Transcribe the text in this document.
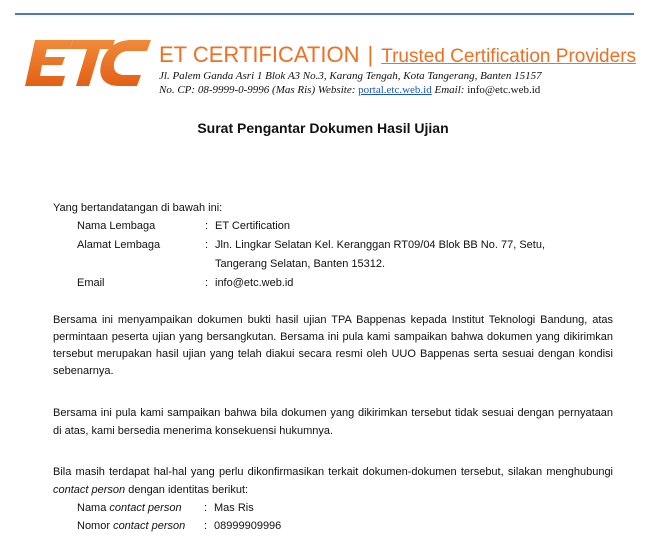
ET CERTIFICATION | Trusted Certification Providers
Jl. Palem Ganda Asri 1 Blok A3 No.3, Karang Tengah, Kota Tangerang, Banten 15157
No. CP: 08-9999-0-9996 (Mas Ris) Website: portal.etc.web.id Email: info@etc.web.id
Surat Pengantar Dokumen Hasil Ujian
Yang bertandatangan di bawah ini:
Nama Lembaga	: ET Certification
Alamat Lembaga	: Jln. Lingkar Selatan Kel. Keranggan RT09/04 Blok BB No. 77, Setu,
Tangerang Selatan, Banten 15312.
Email	: info@etc.web.id
Bersama ini menyampaikan dokumen bukti hasil ujian TPA Bappenas kepada Institut Teknologi Bandung, atas permintaan peserta ujian yang bersangkutan. Bersama ini pula kami sampaikan bahwa dokumen yang dikirimkan tersebut merupakan hasil ujian yang telah diakui secara resmi oleh UUO Bappenas serta sesuai dengan kondisi sebenarnya.
Bersama ini pula kami sampaikan bahwa bila dokumen yang dikirimkan tersebut tidak sesuai dengan pernyataan di atas, kami bersedia menerima konsekuensi hukumnya.
Bila masih terdapat hal-hal yang perlu dikonfirmasikan terkait dokumen-dokumen tersebut, silakan menghubungi contact person dengan identitas berikut:
Nama contact person : Mas Ris
Nomor contact person : 08999909996
